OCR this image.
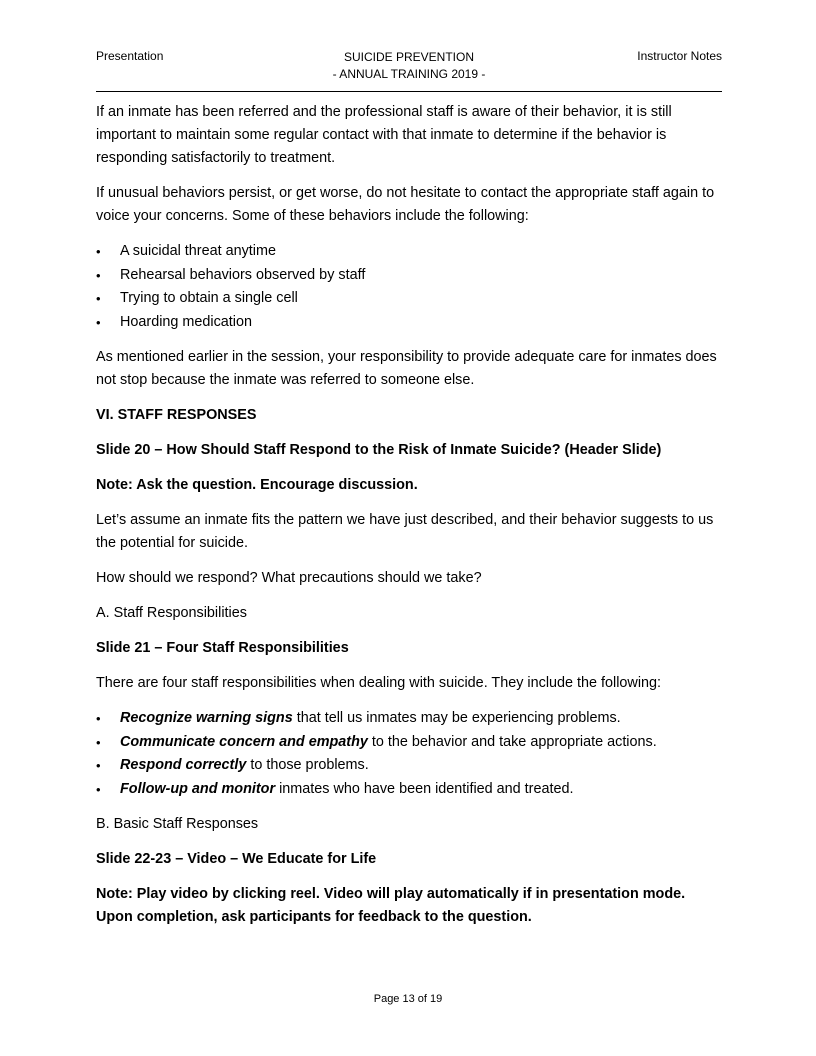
Presentation	SUICIDE PREVENTION
- ANNUAL TRAINING 2019 -
Instructor Notes

If an inmate has been referred and the professional staff is aware of their behavior, it is still important to maintain some regular contact with that inmate to determine if the behavior is responding satisfactorily to treatment.

If unusual behaviors persist, or get worse, do not hesitate to contact the appropriate staff again to voice your concerns. Some of these behaviors include the following:

• A suicidal threat anytime
• Rehearsal behaviors observed by staff
• Trying to obtain a single cell
• Hoarding medication

As mentioned earlier in the session, your responsibility to provide adequate care for inmates does not stop because the inmate was referred to someone else.

VI. STAFF RESPONSES

Slide 20 – How Should Staff Respond to the Risk of Inmate Suicide? (Header Slide)

Note: Ask the question. Encourage discussion.

Let’s assume an inmate fits the pattern we have just described, and their behavior suggests to us the potential for suicide.

How should we respond? What precautions should we take?

A. Staff Responsibilities

Slide 21 – Four Staff Responsibilities

There are four staff responsibilities when dealing with suicide. They include the following:

• Recognize warning signs that tell us inmates may be experiencing problems.
• Communicate concern and empathy to the behavior and take appropriate actions.
• Respond correctly to those problems.
• Follow-up and monitor inmates who have been identified and treated.

B. Basic Staff Responses

Slide 22-23 – Video – We Educate for Life

Note: Play video by clicking reel. Video will play automatically if in presentation mode. Upon completion, ask participants for feedback to the question.

Page 13 of 19
